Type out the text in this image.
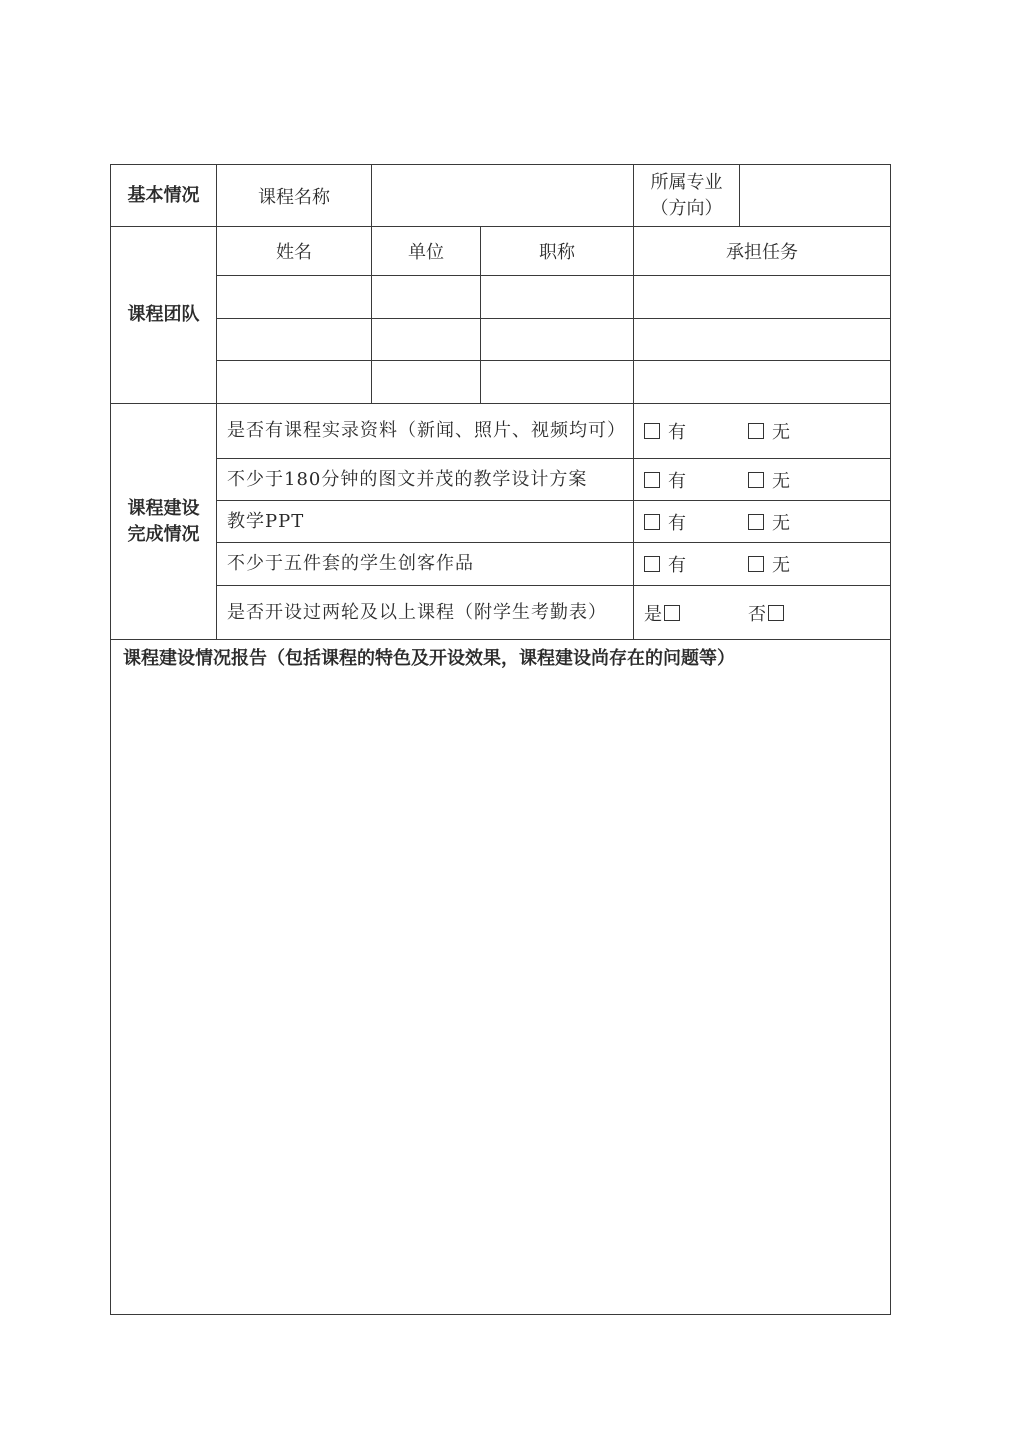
基本情况	课程名称			所属专业
（方向）	

课程团队	姓名	单位	职称	承担任务	

课程建设
完成情况	是否有课程实录资料（新闻、照片、视频均可）			有 无	
	不少于180分钟的图文并茂的教学设计方案			有 无	
	教学PPT			有 无	
	不少于五件套的学生创客作品			有 无	
	是否开设过两轮及以上课程（附学生考勤表）			是 否	

课程建设情况报告（包括课程的特色及开设效果，课程建设尚存在的问题等）					
